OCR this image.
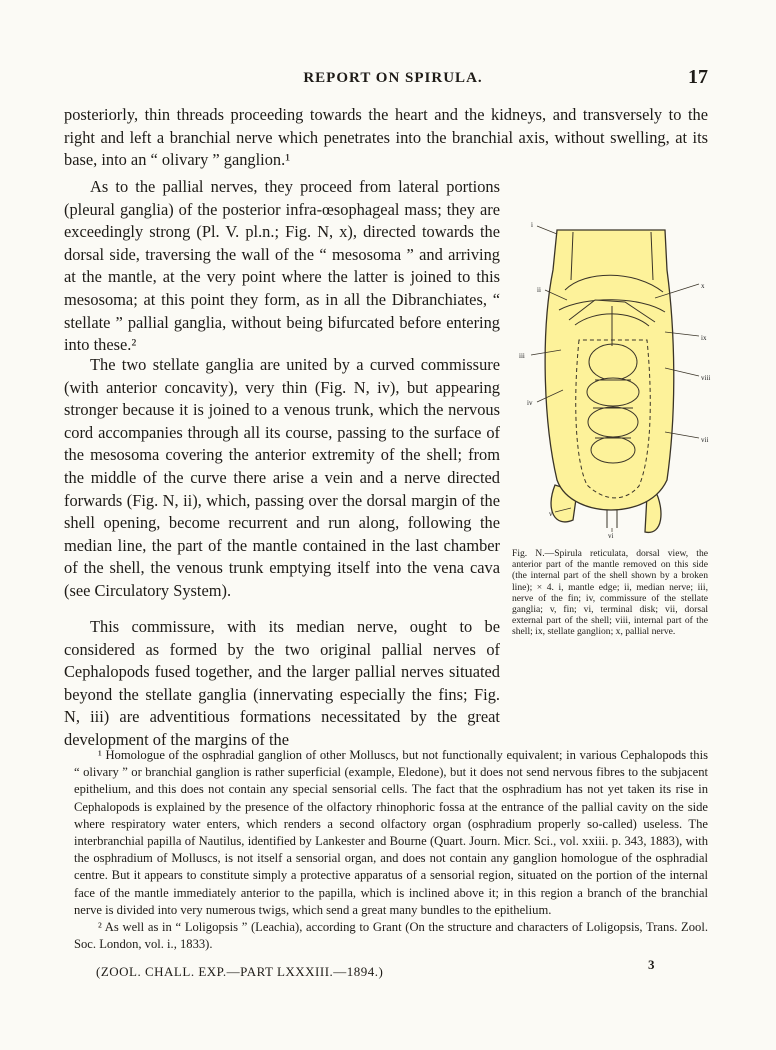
REPORT ON SPIRULA.	17

posteriorly, thin threads proceeding towards the heart and the kidneys, and transversely to the right and left a branchial nerve which penetrates into the branchial axis, without swelling, at its base, into an “ olivary ” ganglion.¹

As to the pallial nerves, they proceed from lateral portions (pleural ganglia) of the posterior infra-œsophageal mass; they are exceedingly strong (Pl. V. pl.n.; Fig. N, x), directed towards the dorsal side, traversing the wall of the “ mesosoma ” and arriving at the mantle, at the very point where the latter is joined to this mesosoma; at this point they form, as in all the Dibranchiates, “ stellate ” pallial ganglia, without being bifurcated before entering into these.²

The two stellate ganglia are united by a curved commissure (with anterior concavity), very thin (Fig. N, iv), but appearing stronger because it is joined to a venous trunk, which the nervous cord accompanies through all its course, passing to the surface of the mesosoma covering the anterior extremity of the shell; from the middle of the curve there arise a vein and a nerve directed forwards (Fig. N, ii), which, passing over the dorsal margin of the shell opening, become recurrent and run along, following the median line, the part of the mantle contained in the last chamber of the shell, the venous trunk emptying itself into the vena cava (see Circulatory System).

This commissure, with its median nerve, ought to be considered as formed by the two original pallial nerves of Cephalopods fused together, and the larger pallial nerves situated beyond the stellate ganglia (innervating especially the fins; Fig. N, iii) are adventitious formations necessitated by the great development of the margins of the

i
ii
iii
iv
v
vi
vii
viii
ix
x
Fig. N.—Spirula reticulata, dorsal view, the anterior part of the mantle removed on this side (the internal part of the shell shown by a broken line); × 4. i, mantle edge; ii, median nerve; iii, nerve of the fin; iv, commissure of the stellate ganglia; v, fin; vi, terminal disk; vii, dorsal external part of the shell; viii, internal part of the shell; ix, stellate ganglion; x, pallial nerve.

¹ Homologue of the osphradial ganglion of other Molluscs, but not functionally equivalent; in various Cephalopods this “ olivary ” or branchial ganglion is rather superficial (example, Eledone), but it does not send nervous fibres to the subjacent epithelium, and this does not contain any special sensorial cells. The fact that the osphradium has not yet taken its rise in Cephalopods is explained by the presence of the olfactory rhinophoric fossa at the entrance of the pallial cavity on the side where respiratory water enters, which renders a second olfactory organ (osphradium properly so-called) useless. The interbranchial papilla of Nautilus, identified by Lankester and Bourne (Quart. Journ. Micr. Sci., vol. xxiii. p. 343, 1883), with the osphradium of Molluscs, is not itself a sensorial organ, and does not contain any ganglion homologue of the osphradial centre. But it appears to constitute simply a protective apparatus of a sensorial region, situated on the portion of the internal face of the mantle immediately anterior to the papilla, which is inclined above it; in this region a branch of the branchial nerve is divided into very numerous twigs, which send a great many bundles to the epithelium.

² As well as in “ Loligopsis ” (Leachia), according to Grant (On the structure and characters of Loligopsis, Trans. Zool. Soc. London, vol. i., 1833).

(ZOOL. CHALL. EXP.—PART LXXXIII.—1894.)	3
